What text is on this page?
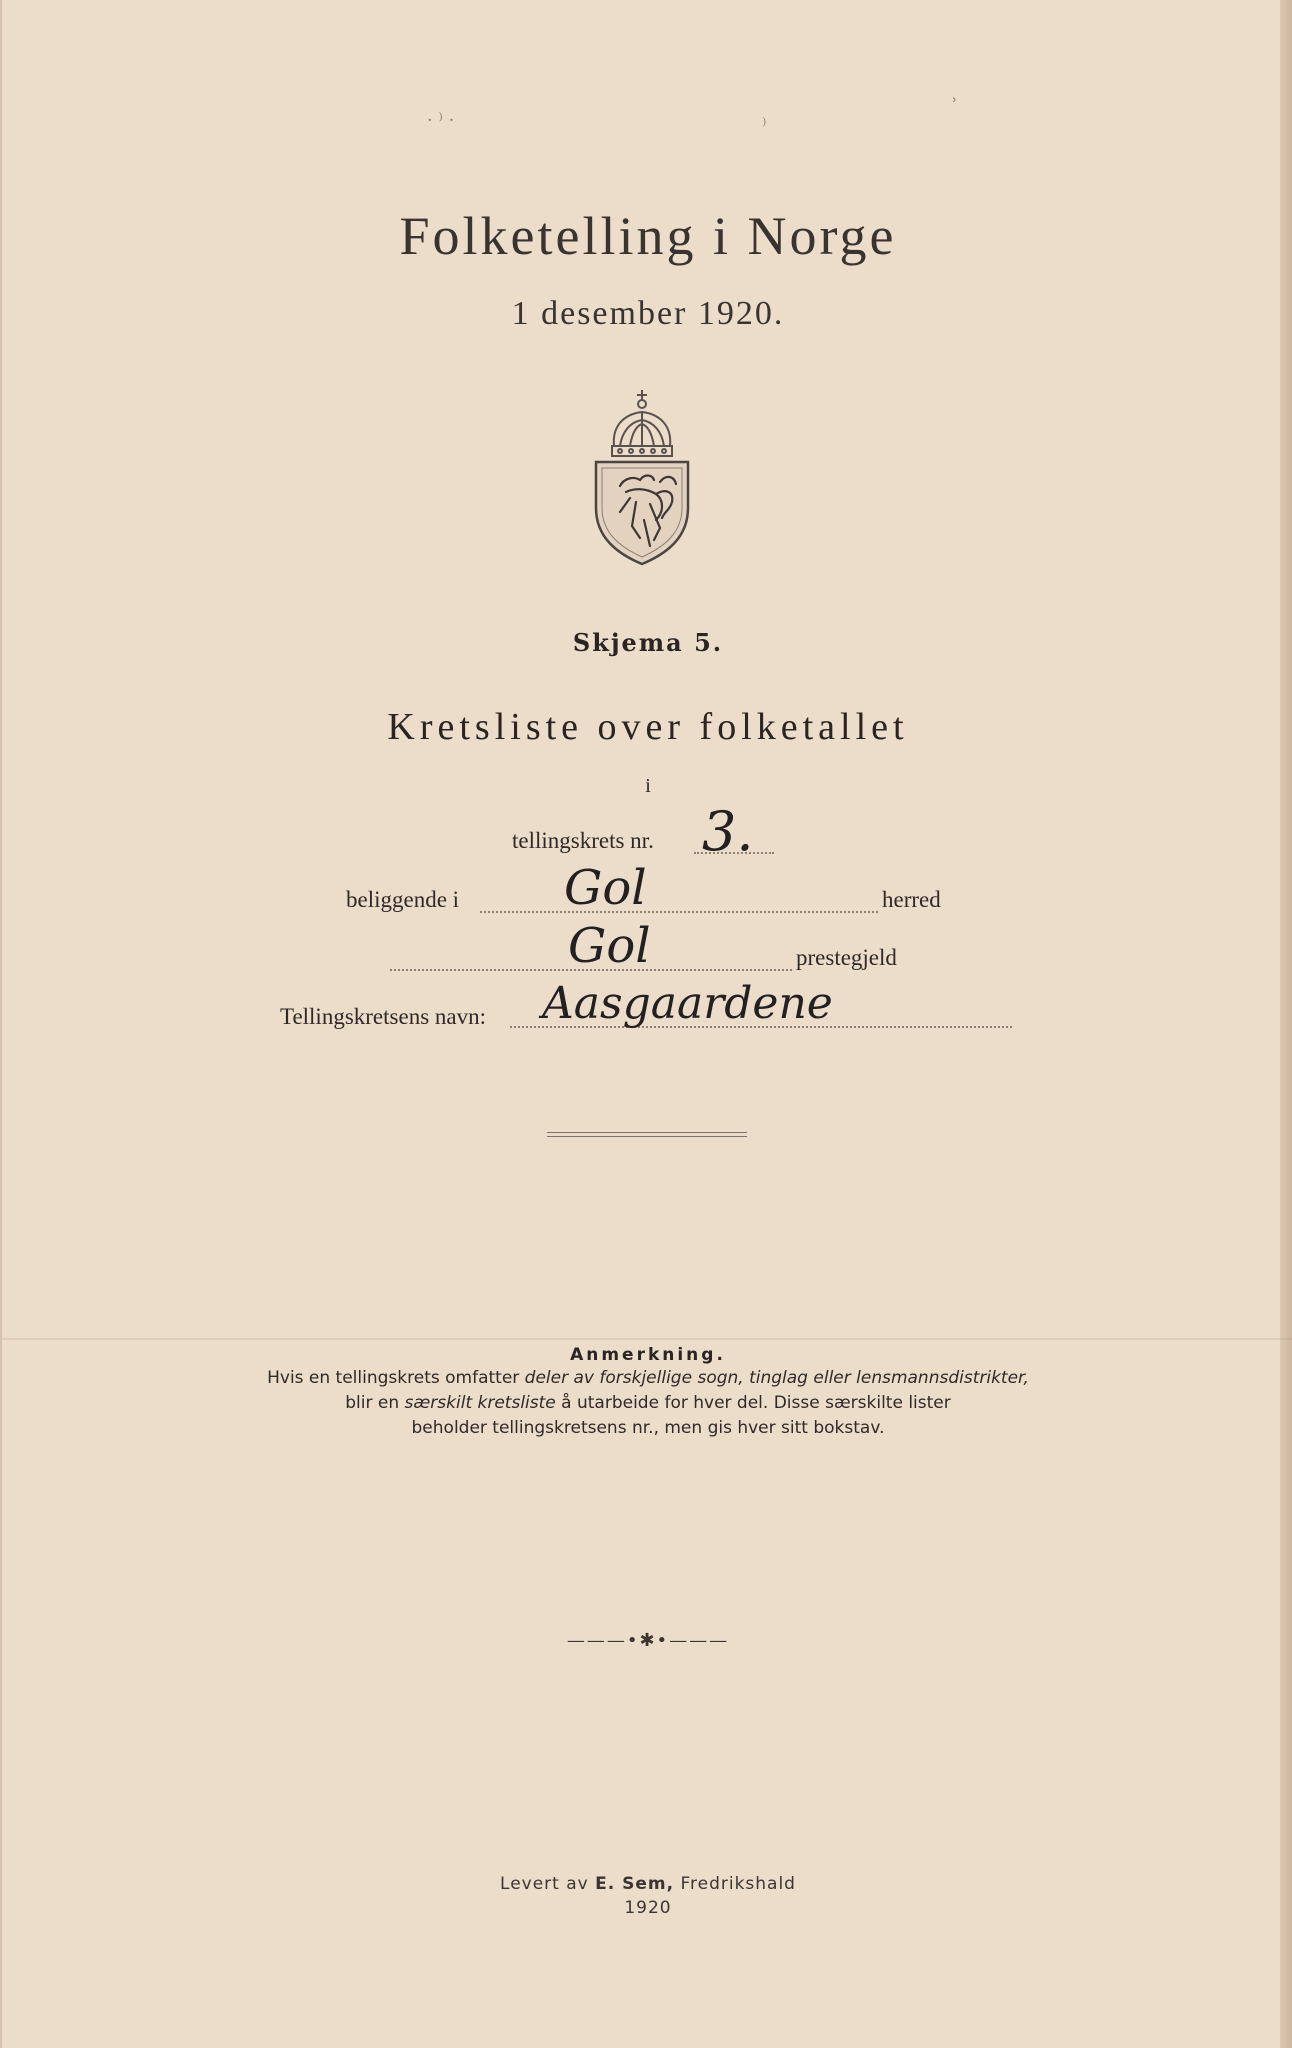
· ⁾ ·	⁾
ʾ
Folketelling i Norge
1 desember 1920.
Skjema 5.
Kretsliste over folketallet
i
tellingskrets nr. 3.
beliggende i Gol	herred
Gol	prestegjeld
Tellingskretsens navn: Aasgaardene
Anmerkning.
Hvis en tellingskrets omfatter deler av forskjellige sogn, tinglag eller lensmannsdistrikter,
blir en særskilt kretsliste å utarbeide for hver del. Disse særskilte lister
beholder tellingskretsens nr., men gis hver sitt bokstav.
———•✱•———
Levert av E. Sem, Fredrikshald
1920
